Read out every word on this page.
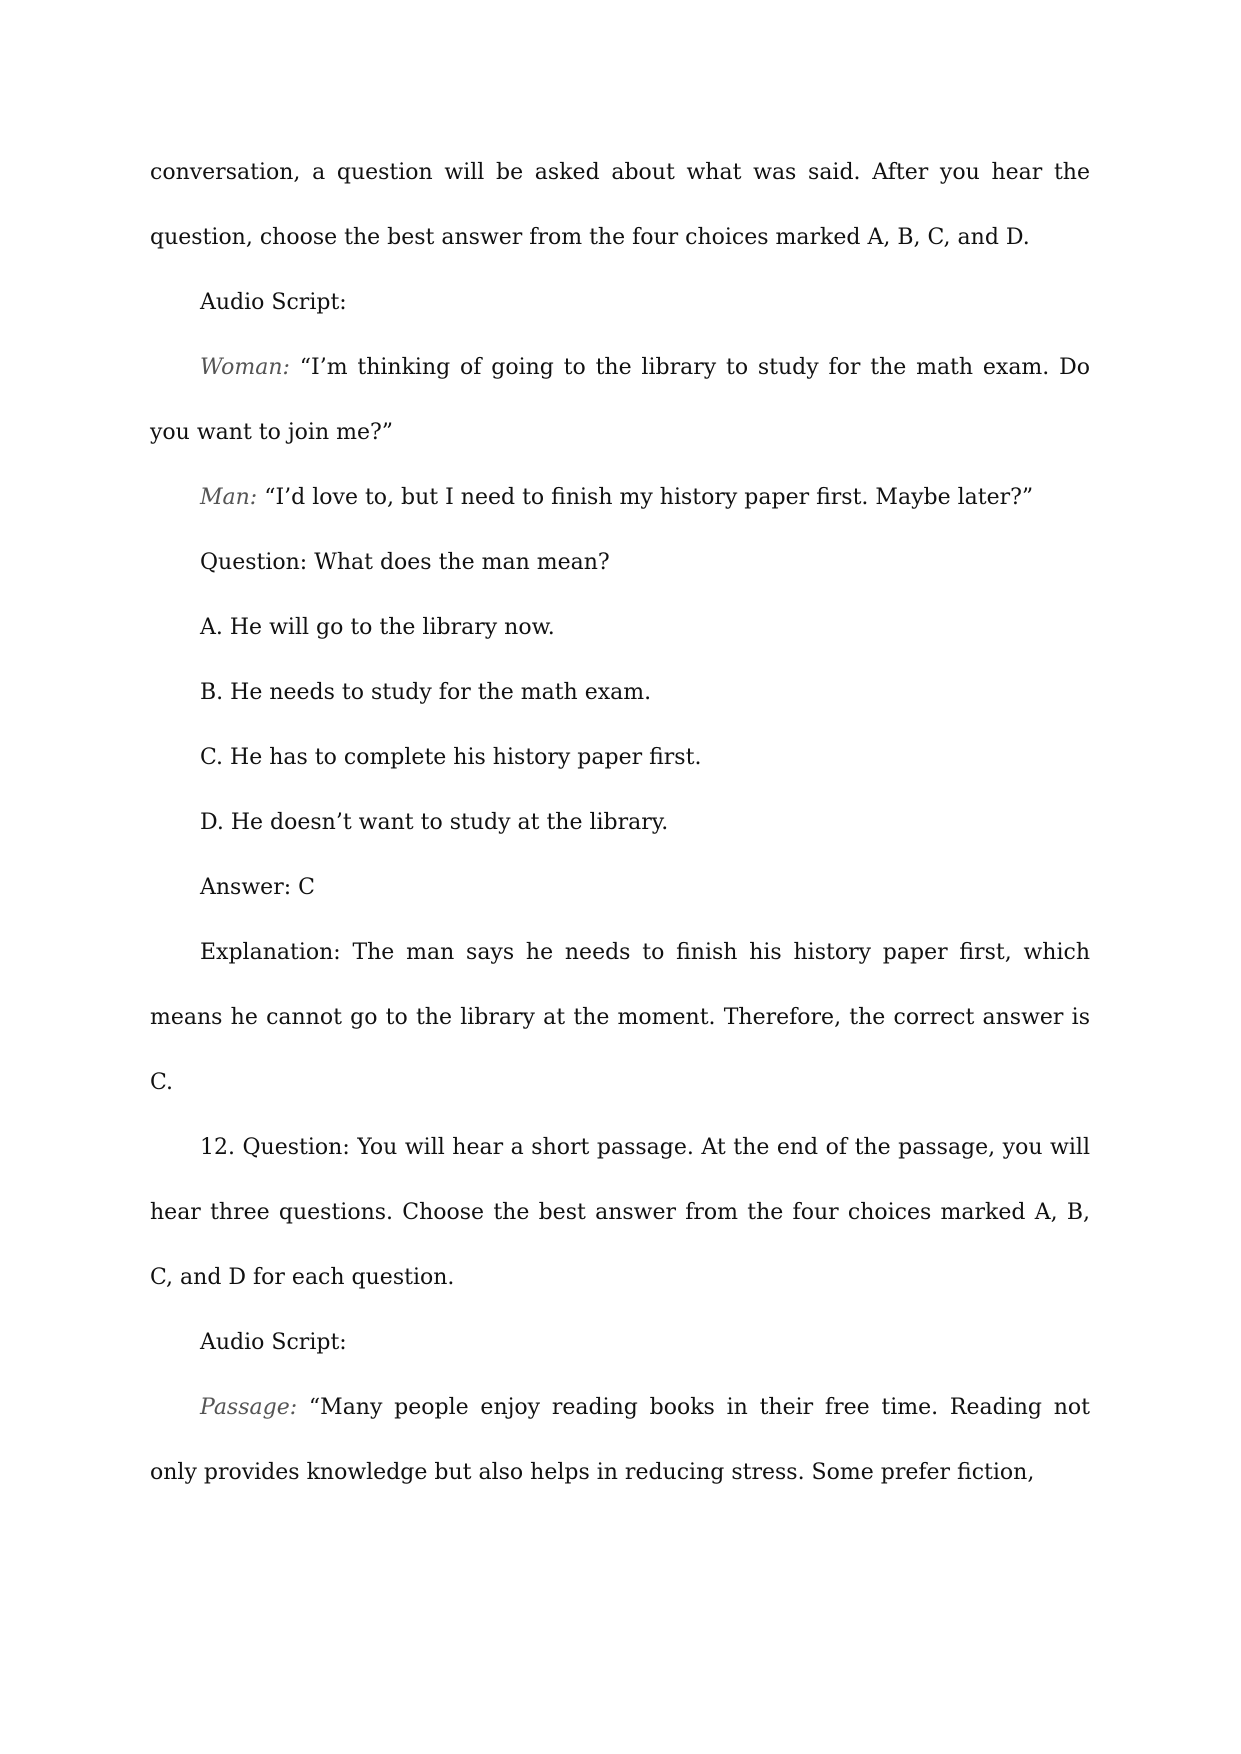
conversation, a question will be asked about what was said. After you hear the question, choose the best answer from the four choices marked A, B, C, and D.

Audio Script:

Woman: “I’m thinking of going to the library to study for the math exam. Do you want to join me?”

Man: “I’d love to, but I need to finish my history paper first. Maybe later?”

Question: What does the man mean?

A. He will go to the library now.

B. He needs to study for the math exam.

C. He has to complete his history paper first.

D. He doesn’t want to study at the library.

Answer: C

Explanation: The man says he needs to finish his history paper first, which means he cannot go to the library at the moment. Therefore, the correct answer is C.

12. Question: You will hear a short passage. At the end of the passage, you will hear three questions. Choose the best answer from the four choices marked A, B, C, and D for each question.

Audio Script:

Passage: “Many people enjoy reading books in their free time. Reading not only provides knowledge but also helps in reducing stress. Some prefer fiction,
